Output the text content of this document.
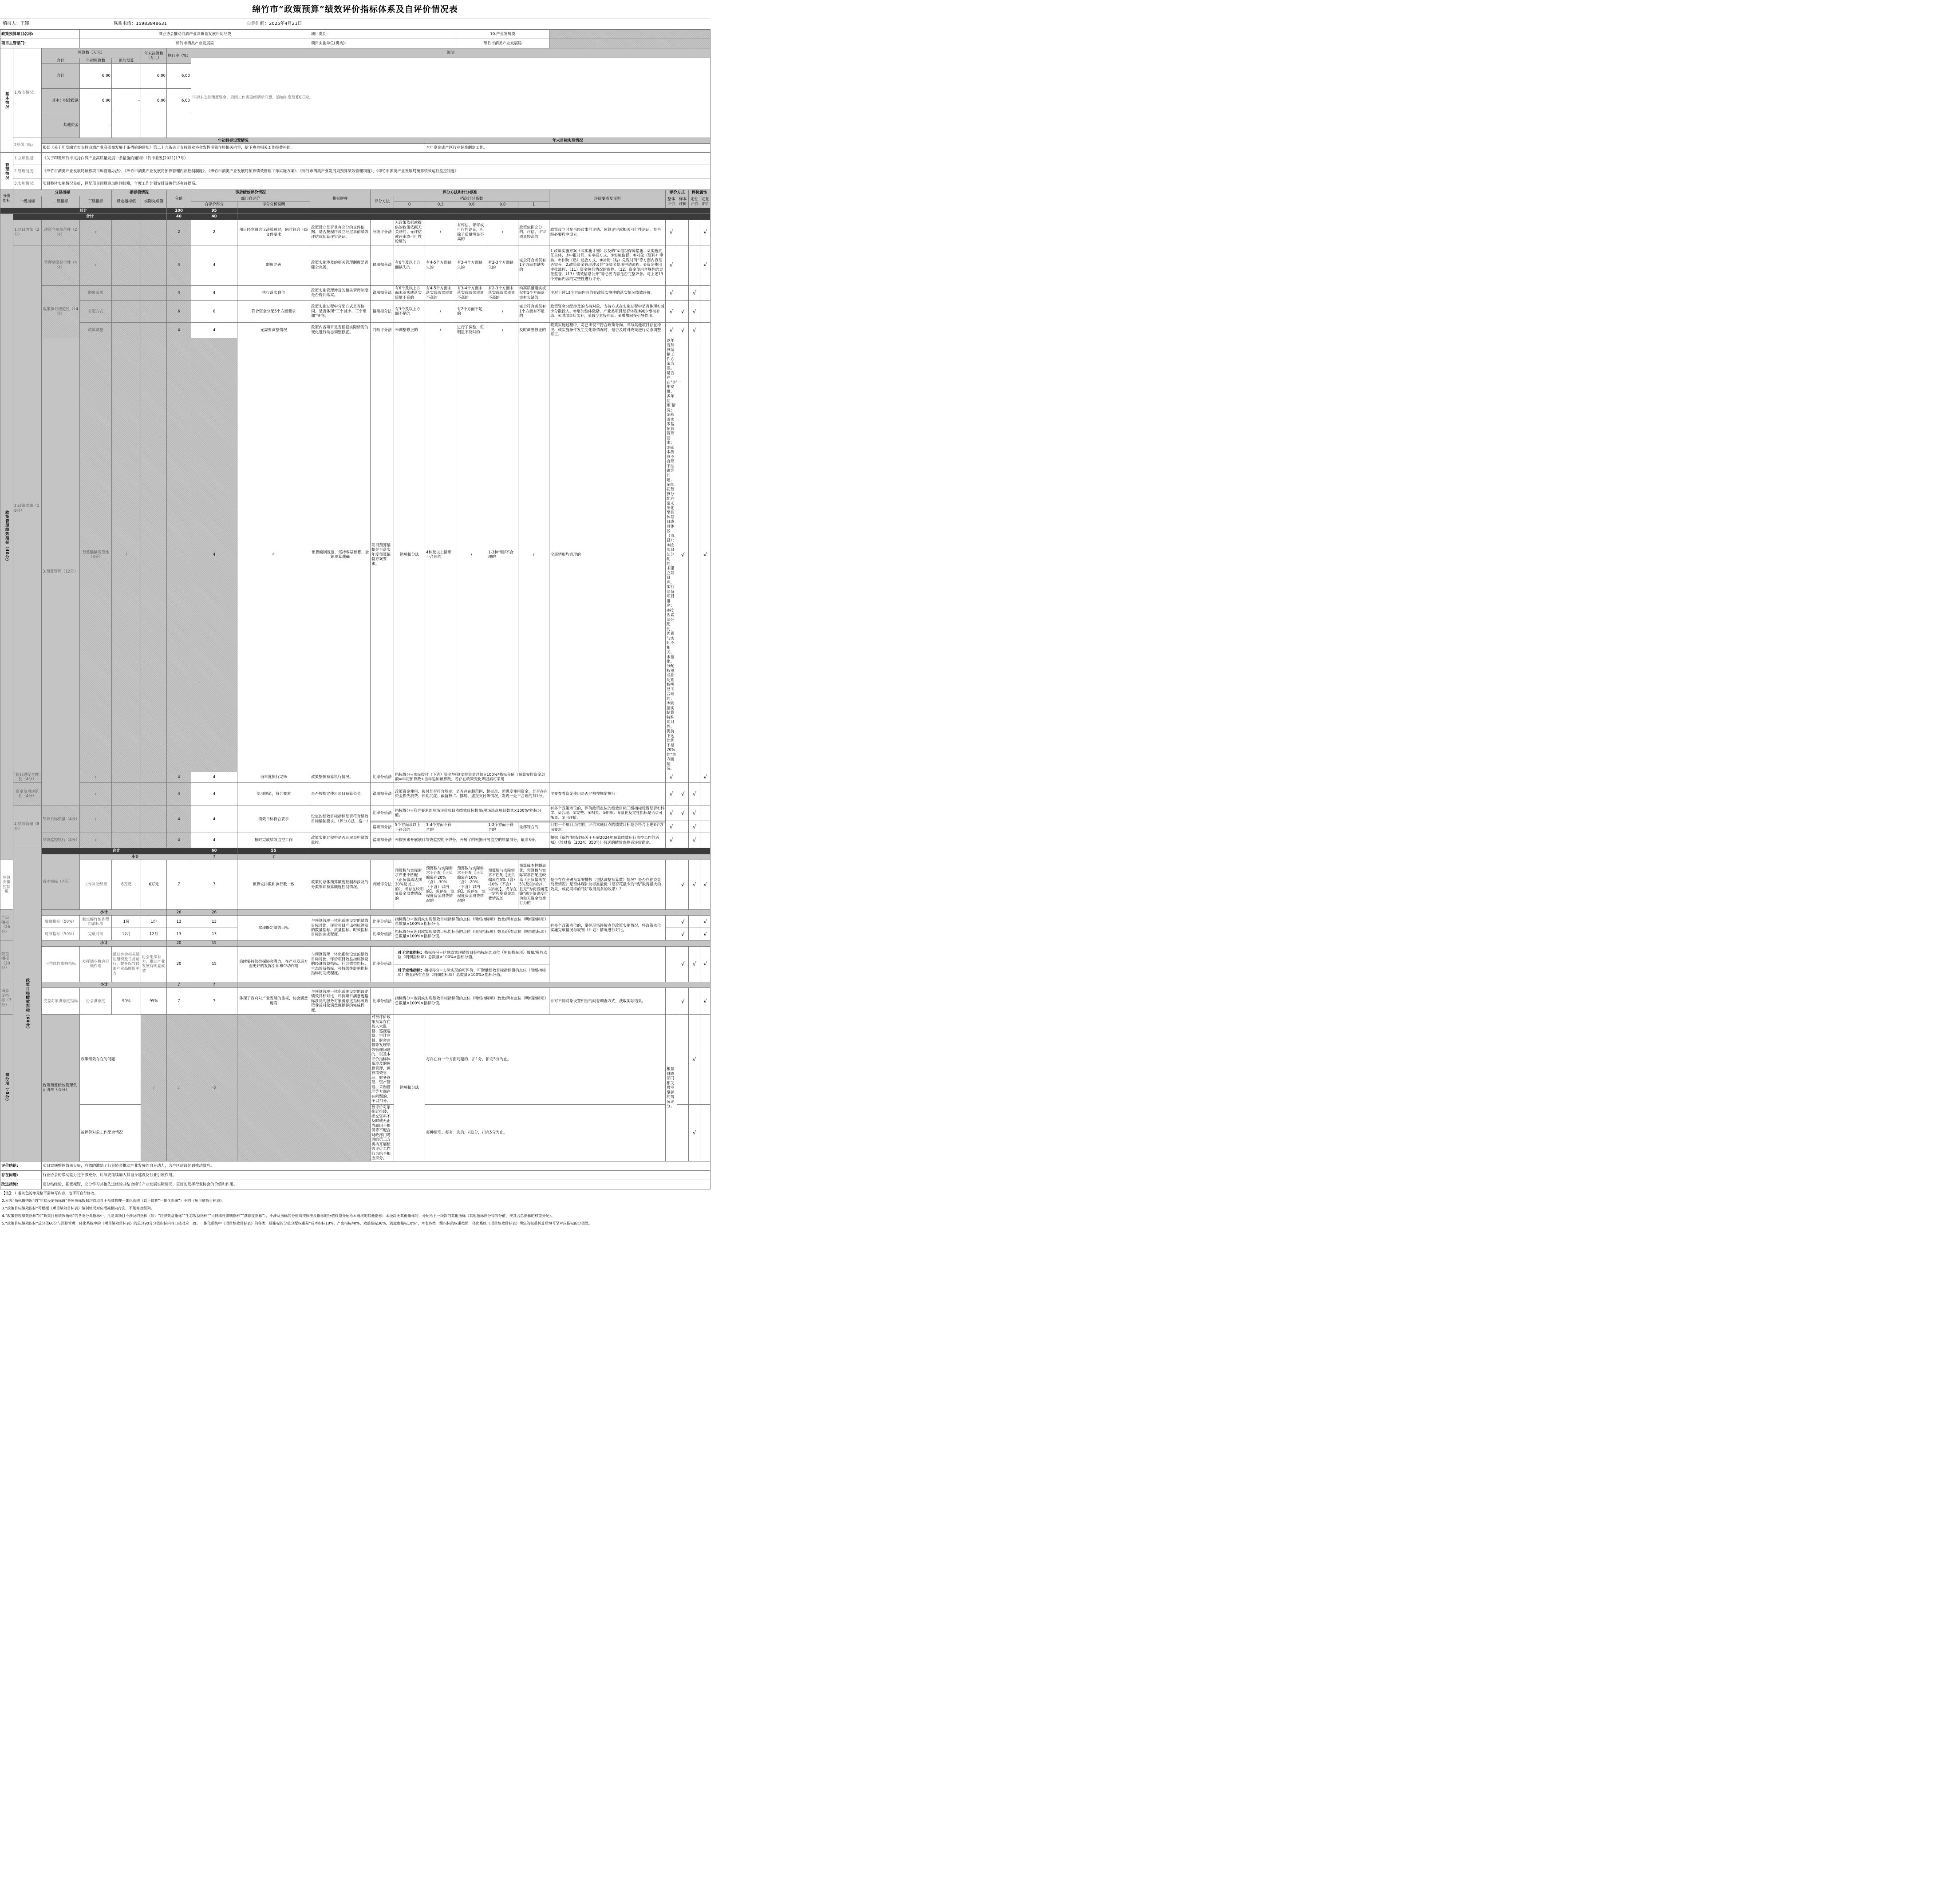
绵竹市“政策预算”绩效评价指标体系及自评价情况表
填报人：王锋	联系电话：15983848631	自评时间：2025年4月21日
政策预算项目名称:			酒业协会推动白酒产业高质量发展补助经费						项目类别:				10.产业发展类								
项目主管部门:			绵竹市酒类产业发展局						项目实施单位(机构):				绵竹市酒类产业发展局								
基本情况	1.收支情况:	预算数（万元）			年末决算数（万元）	执行率（%）	说明														
		合计	年初预算数	追加预算			年初未安排预算资金，后因工作需要经请示同意，追加年度预算6万元。														
		合计	6.00		6.00	6.00	
		其中：财政拨款	6.00	-	6.00	6.00	
		其他资金	-				
	2总体目标:	年初目标设置情况										年末目标实现情况									
		根据《关于印发绵竹市支持白酒产业高质量发展十条措施的通知》第二十九条关于支持酒业协会发挥引领作用相关内容，给予协会相关工作经费补助。										本年度完成产区行业标准制定工作。									
管理情况	1.立项依据:	《关于印发绵竹市支持白酒产业高质量发展十条措施的通知》（竹市委发[2021]17号）																			
	2.管理制度:	《绵竹市酒类产业发展局预算项目库管理办法》、《绵竹市酒类产业发展局预算管理内部控制制度》、《绵竹市酒类产业发展局预算绩效管理工作实施方案》、《绵竹市酒类产业发展局预算绩效管理制度》、《绵竹市酒类产业发展局预算绩效运行监控制度》																			
	3.实施情况:	项目整体实施情况良好，但是项目预算追加时间较晚，年度工作计划安排及执行还有待提高。																			
分类指标	分层指标			指标值情况		分值	事后绩效评价情况		指标解释	评分方法和计分标准						评价要点及说明	评价方式		评价属性		
	一级指标	二级指标	三级指标	设定指标值	实际完成值		部门自评价			评分方法	档次计分系数						整体评价	样本评价	定性评价	定量评价	
							自评价得分	评分分析说明			0	0.3	0.6	0.8	1						
总计						100	95														
政策管理绩效指标（40分）	合计					40	40														
	1.项目决策（2分）	决策立项规范性（2分）	/			2	2	项目经党组会议决策通过，同时符合上级文件要求	政策设立是否具有充分的文件依据；是否按程序设立经过事前绩效评估或预算评审论证。	分级评分法	无政策依据或提供的政策依据无关联的；无评估或评审或可行性论证的	/	有评估、评审或可行性论证，但除了质量明显不高的	/	政策依据充分的，评估、评审质量较高的	政策设立时是否经过事前评估、预算评审或相关可行性论证，是否经必要程序设立。	√			√	
	2.政策实施（18分）	管理制度健全性（4分）	/			4	4	制度完善	政策实施涉及的相关管理制度是否健全完善。	缺项扣分法	有6个及以上方面缺失的	有4-5个方面缺失的	有3-4个方面缺失的	有2-3个方面缺失的	完全符合或仅有1个方面有缺失的	1.政策实施方案（或实施计划）涉及的“①组织保障措施、②实施责任主体、③申报时间、④申报方式、⑤实施监督、⑥对象（资料）审核、⑦补助（贴）发放方式、⑧补助（贴）兑现时间”等方面内容是否完善。2.政策资金管理涉及的“⑨资金使用申请流程、⑩资金使用审批流程、（11）资金执行情况的监控、（12）资金使用合规性的责任监督、（13）绩效信息公开”等必要内容是否完整齐备。对上述13个方面内容的完整性进行评分。	√			√	
		政策执行规范性（14分）	制度落实			4	4	执行落实到位	政策实施管理涉及的相关管理制度是否得到落实。	错项扣分法	有6个及以上方面未落实或落实质量不高的	有4-5个方面未落实或落实质量不高的	有3-4个方面未落实或落实质量不高的	有2-3个方面未落实或落实质量不高的	均高质量落实或仅有1个方面落实有欠缺的	主对上述13个方面内容的在政策实施中的落实情况绩效评价。	√		√		
			分配方式			6	6	符合资金分配5个方面要求	政策实施过程中分配方式是否协同，是否体现“三个减少、三个增加”导向。	错项扣分法	有3个及以上方面不足的	/	有2个方面不足的	/	完全符合或仅有1个方面有不足的	政策资金分配涉及的支持对象、支持方式在实施过程中是否体现①减少分散投入、②增加整体激励，产业类项目是否体现③减少事前补助、④增加事后奖补，⑤减少直接补助、⑥增加间接引导作用。	√	√	√		
			政策调整			4	4	无需要调整情况	政策内各项目是否根据实际情况的变化进行动态调整修正。	判断评分法	未调整修正的	/	进行了调整，但明显不及时的	/	及时调整修正的	政策实施过程中，对已出现不符合政策导向、或与其他项目存在冲突、或实施条件发生变化等情况时，是否及时对政策进行动态调整修正。	√	√	√		
		3.预算管理（12分）	预算编制规范性（4分）	/			4	4	预算编制规范，坚持零基预算，金额测算准确	项目预算编制是否落实年度预算编制方案要求。	错项扣分法	4种及以上情形不合理的	/	1-3种情形不合理的	/	全部情形均合理的	以年度预算编制工作方案为准。是否存在“①‘一年安排、多年使用’情况；②未落实零基预算管理要求；③成本测算不合理不准确等问题；④年初预算分配方案未细化至具体项目或具体区（市、县）；⑤按项目法分配的，未建立项目库，实行储备项目排序；⑥按因素法分配的，因素与实际不相关、未量化，分配权重或补助系数明显不合理的；⑦梁据实结算特殊项目外，提前下达比例不足70%的”等方面情况。	√		√	
	执行进度合理性（4分）		/			4	4	当年度执行完毕	政策整体预算执行情况。	比率分值法	指标得分=实际拨付（下达）资金/预算安排资金总额×100%*指标分值（预算安排资金总额=年初预算数+当年追加预算数，若存在政策变化等因素可采用						√			√	
	资金使用规范性（4分）		/			4	4	使用规范，符合要求	是否按规定使用项目预算资金。	错项扣分法	政策资金使用、拨付是否符合规定，是否存在超范围、超标准、超进度使用资金，是否存在资金损失浪费、长期沉淀、截留挤占、挪用、虚报支付等情况，发现一处不合理的扣1分。					主要查看资金使用是否严格按规定执行	√	√	√		
	4.绩效管理（8分）	绩效目标质量（4分）	/			4	4	绩效目标符合要求	设定的绩效目标指标是否符合绩效目标编制要求。（评分方法二选一）	比率分值法	指标得分=符合要求的现场评价项目点绩效目标数量/现场选点项目数量×100%*指标分值。					有多个政策点位的，评价政策点位的绩效目标三级指标设置是否①科学、②合理、③完整、④相关、⑤明细、⑥量化及定性指标是否⑦可衡量、⑧可评价。	√	√	√		
																	√		√		
										错项扣分法	5个方面及以上不符合的	3-4个方面不符合的		1-2个方面不符合的	全部符合的	只有一个项目点位的，评价本项目点的绩效目标是否符合上述8个方面要求。					
		绩效监控执行（4分）	/			4	4	按时完成绩效监控工作	政策实施过程中是否开展事中绩效监控。	错项扣分法	未按要求开展项目绩效监控的不得分，开展了的根据开展监控的质量得分，最高3分。					根据《绵竹市财政局关于开展2024年预算绩效运行监控工作的通知》（竹财监（2024）350号）报送的绩效监控表评价确定。	√		√		
	政策目标绩效指标（60分）	合计					60	55													
		成本指标（7分）	小计				7	7													
预算安排控制数			工作补助经费	6万元	6万元	7	7	预算安排数和执行数一致	政策的总体预算额度控制和涉及的分类细项预算额度控制情况。	判断评分法	预算数与实际需求严重不匹配（正负偏离达到30%及以上的）、或存在较明显资金浪费情况的	预算数与实际需求不匹配【正负偏离在20%（含）-30%（不含）以内的】、或存在一定程度资金浪费情况的	预算数与实际需求不匹配【正负偏离在10%（含）-20%（不含）以内的】、或存在一定程度资金浪费情况的	预算数与实际需求不匹配【正负偏离在5%（含）-10%（不含）以内的】、或存在一定程度资金浪费情况的	预算成本控制最优，预算数与实际需求匹配度较高（正负偏离在5%及以内的），且无“为花钱而花钱”减少偏离度行为和无资金浪费行为的	是否存在突破预算安排数（包括调整预算数）情况？是否存在资金浪费情况？是否体现补助标准最优（是否花最少的“钱”取得最大的效果，或花同样的“钱”取得最多的效果）？		√	√	√	
产出指标（26分）		小计				26	26														
		数量指标（50%）	制定绵竹浓香型白酒标准	1份	1份	13	13	实现既定绩效目标	与预算管理一体化系统设定的绩效目标对比，评价项目产出指标涉及的数量指标、质量指标、时效指标目标的完成程度。	比率分值法	指标得分=达到或实现绩效目标指标值的点位（明细指标项）数量/所有点位（明细指标项）总数量×100%×指标分值。					有多个政策点位的，掌握现场评价点位政策实施情况，将政策点位实施完成情况与规划（计划）情况进行对比。		√		√	
		时效指标（50%）	完成时间	12月	12月	13	13			比率分值法	指标得分=达到或实现绩效目标指标值的点位（明细指标项）数量/所有点位（明细指标项）总数量×100%×指标分值。							√		√	
效益指标（20分）		小计				20	15														
		可持续性影响指标	发挥酒业协会引领作用	通过协会相关活动组织及日常运行，提升绵竹白酒产业品牌影响力	协会组织有力，推动产业发展有明显成效	20	15	后续要持续挖掘协会潜力，在产业发展方面更好的发挥引领和带动作用	与预算管理一体化系统设定的绩效目标对比，评价项目效益指标涉及的经济效益指标、社会效益指标、生态效益指标、可持续性影响指标指标的完成程度。	比率分值法	对于定量指标：指标得分=达到或实现绩效目标指标值的点位（明细指标项）数量/所有点位（明细指标项）总数量×100%×指标分值。							√	√	√	
											对于定性指标：指标得分=实际实现的可评价、可衡量绩效目标指标值的点位（明细指标项）数量/所有点位（明细指标项）总数量×100%×指标分值。										
满意度指标（7分）		小计				7	7														
		受益对象满意度指标	协会满意度	90%	95%	7	7	体现了政府对产业发展的重视，协会满意度高	与预算管理一体化系统设定的设定绩效目标对比，评价项目满意度指标涉及的服务对象满意度指标或政策受益对象满意度指标的完成程度。	比率分值法	指标得分=达到或实现绩效目标指标值的点位（明细指标项）数量/所有点位（明细指标项）总数量×100%×指标分值。					针对不同对象设置相应的问卷调查方式，获取实际结果。		√		√	
扣分项（-5分）		政策预算绩效管理负面清单（-5分）	政策绩效存在的问题		/	/	-5			对被评价政策预算存在被人大监督、巡视巡察、审计监督、财会监督等发现绩效管理问题的，以及本评价指标体系涉及的预算管理、预算绩效管理、财务管理、资产管理、采购管理等方面存在问题的，予以扣分。	错项扣分法	每存在有一个方面问题的，扣1分，扣完5分为止。					根据财政部门相关股室掌握的情况评分。		√		
			被评价对象工作配合情况							被评价对象拖延推诿、提交资料不及时或无正当原因不提供等不配合财政部门聘请的第三方机构开展绩效评价工作行为给予相应扣分。		每种情形、每有一次的，扣1分，扣完5分为止。							√		
评价结论:		项目实施整体效果良好，有效的激励了行业协会推动产业发展的自身动力，为产区建设起到推动效应。																			
存在问题:		行业协会的带动能力还不够充分，后续要继续加大其自身建设及行业引领作用。																			
改进措施:		要总结经验，拓宽视野，充分学习其他先进经验并结合绵竹产业发展实际情况，更好的发挥行业协会的价值和作用。																			
【注】：1.着灰色的单元格不需填写内容，也不可自行修改。
2.本表“指标值情况”的“年初设定指标值”务须指标数据均直取自于预算管理一体化系统（以下简称“一体化系统”）中的《项目绩效目标表》。
3.“政策目标绩效指标”可根据《项目绩效目标表》编制情况对应增减横向行次，不能修改纵列。
4.“政策管理绩效指标”和“政策目标绩效指标”的各类分类指标中，凡是该项目不涉及的指标（如：“经济效益指标”“生态效益指标”“可持续性影响指标”“满意度指标”），不涉及指标的分值均按照涉及指标的分值权重分配给本级次的其他指标；本级次无其他指标的，分配给上一级次的其他指标（其他指标应分得的分值，按其占总指标的权重分配）。
5.“政策目标绩效指标”总分值60分与预算管理一体化系统中的《项目绩效目标表》的总分90分分值指标内容口径对应一致。一体化系统中《项目绩效目标表》的各类一级指标的分值分配权重是“成本指标10%、产出指标40%、效益指标30%、满意度指标10%”，本表各类一级指标的权重按照一体化系统《项目绩效目标表》规定的权重折算后填写至对应指标的分值处。
